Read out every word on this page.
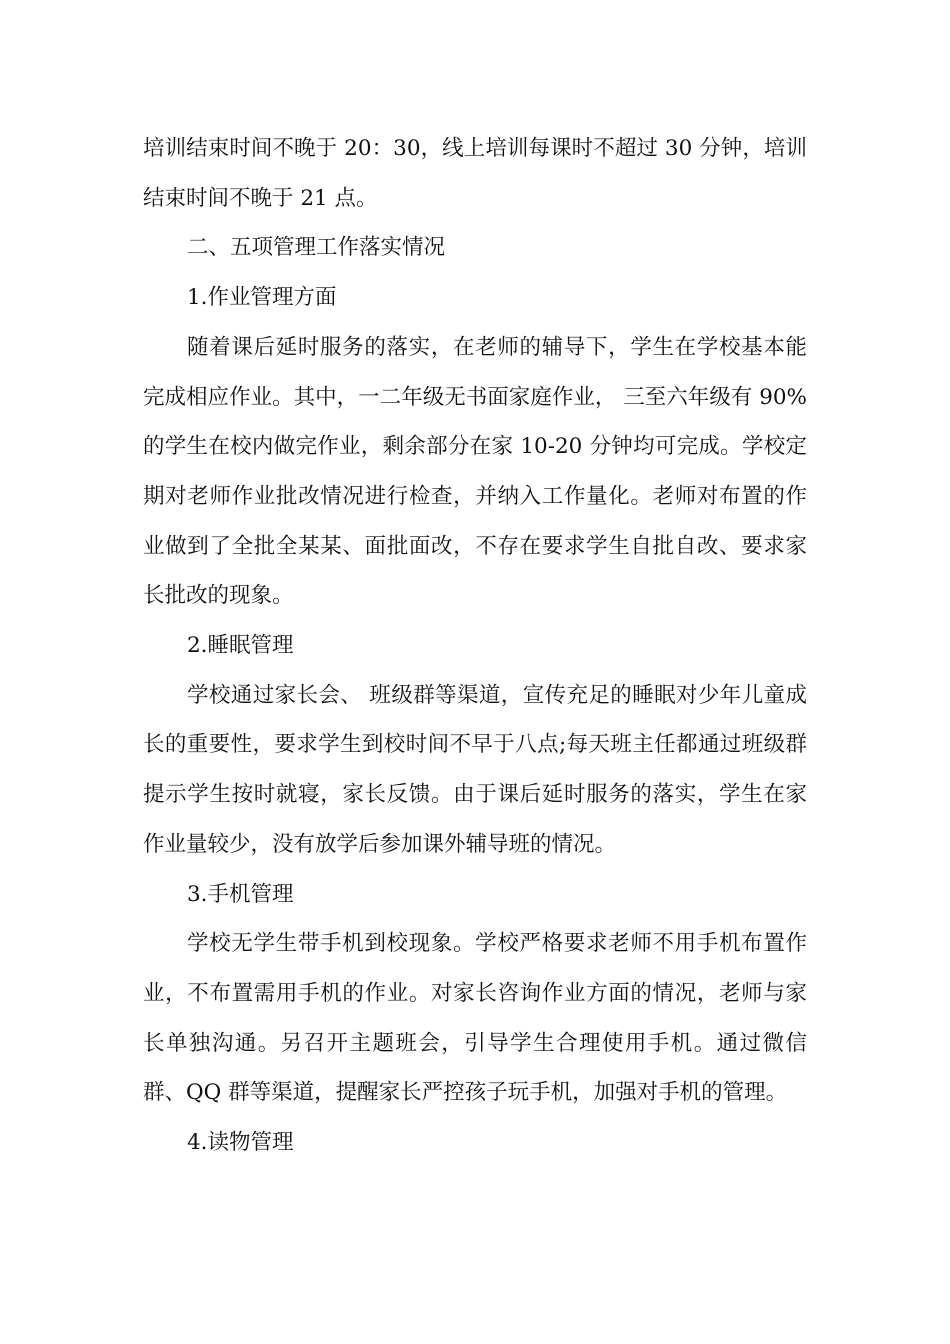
培训结束时间不晚于 20：30，线上培训每课时不超过 30 分钟，培训结束时间不晚于 21 点。

二、五项管理工作落实情况

1.作业管理方面

随着课后延时服务的落实，在老师的辅导下，学生在学校基本能完成相应作业。其中，一二年级无书面家庭作业， 三至六年级有 90%的学生在校内做完作业，剩余部分在家 10-20 分钟均可完成。学校定期对老师作业批改情况进行检查，并纳入工作量化。老师对布置的作业做到了全批全某某、面批面改，不存在要求学生自批自改、要求家长批改的现象。

2.睡眠管理

学校通过家长会、 班级群等渠道，宣传充足的睡眠对少年儿童成长的重要性，要求学生到校时间不早于八点;每天班主任都通过班级群提示学生按时就寝，家长反馈。由于课后延时服务的落实，学生在家作业量较少，没有放学后参加课外辅导班的情况。

3.手机管理

学校无学生带手机到校现象。学校严格要求老师不用手机布置作业，不布置需用手机的作业。对家长咨询作业方面的情况，老师与家长单独沟通。另召开主题班会，引导学生合理使用手机。通过微信群、QQ 群等渠道，提醒家长严控孩子玩手机，加强对手机的管理。

4.读物管理
